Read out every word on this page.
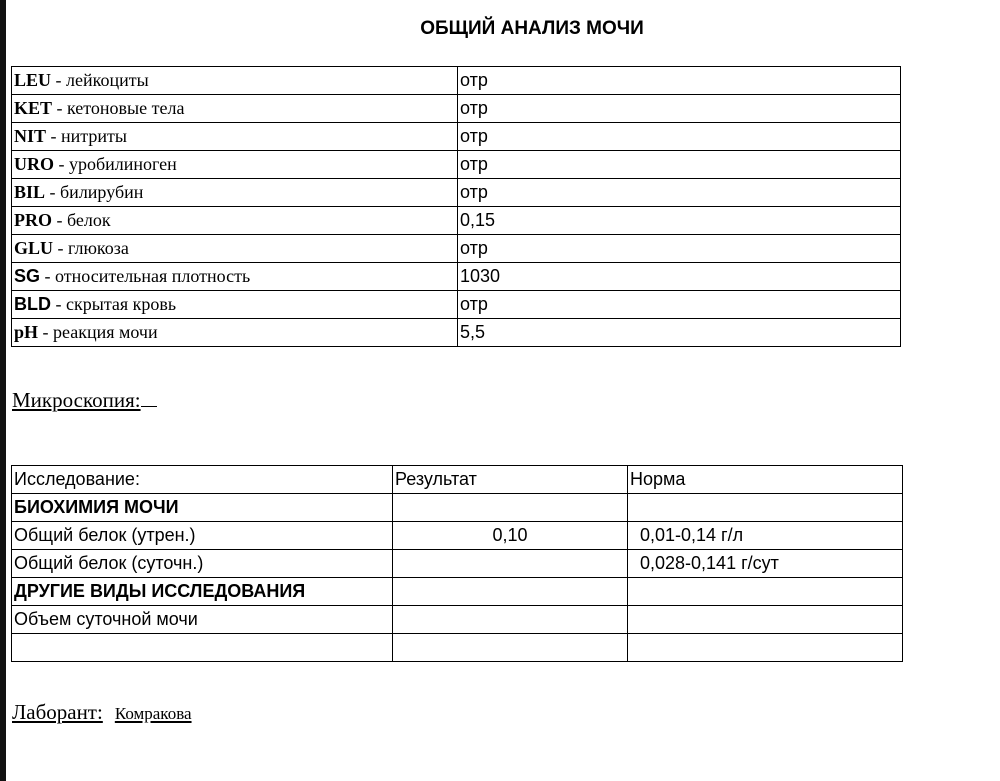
ОБЩИЙ АНАЛИЗ МОЧИ
LEU - лейкоциты	отр
KET - кетоновые тела	отр
NIT - нитриты	отр
URO - уробилиноген	отр
BIL - билирубин	отр
PRO - белок	0,15
GLU - глюкоза	отр
SG - относительная плотность	1030
BLD - скрытая кровь	отр
pH - реакция мочи	5,5
Микроскопия:
Исследование:	Результат	Норма
БИОХИМИЯ МОЧИ		
Общий белок (утрен.)	0,10	0,01-0,14 г/л
Общий белок (суточн.)		0,028-0,141 г/сут
ДРУГИЕ ВИДЫ ИССЛЕДОВАНИЯ		
Объем суточной мочи		

Лаборант: Комракова
